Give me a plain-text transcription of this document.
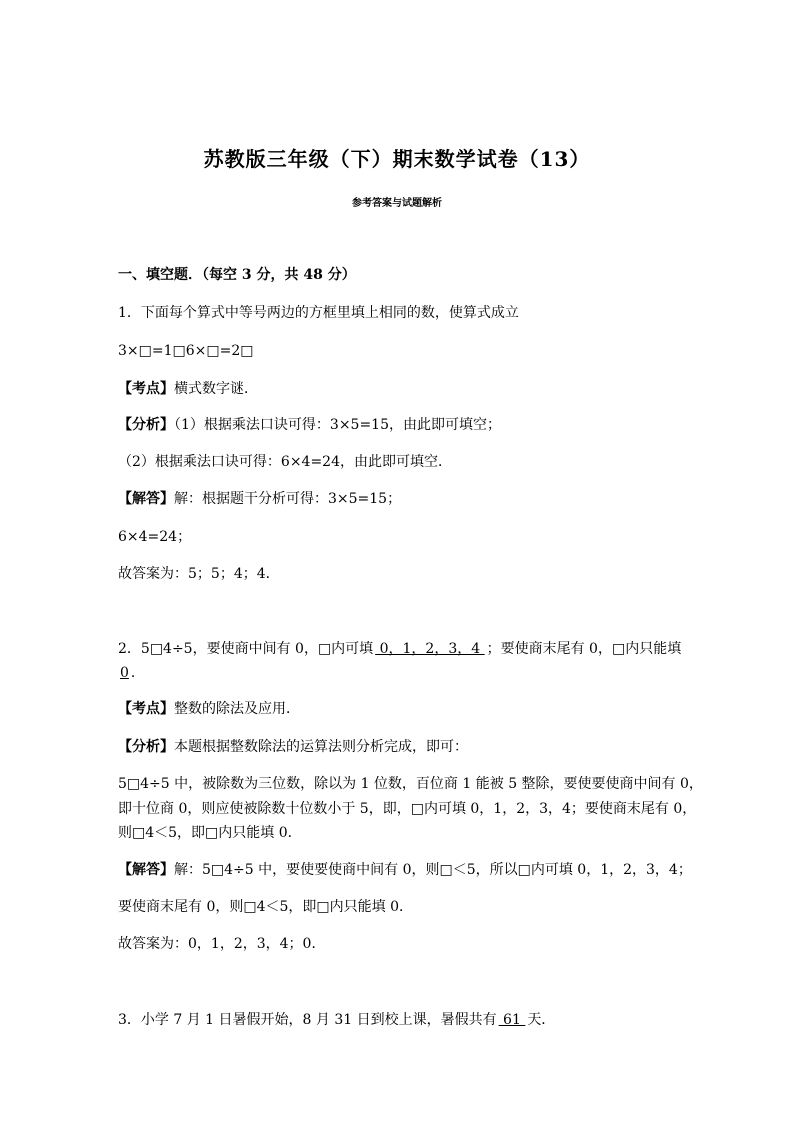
苏教版三年级（下）期末数学试卷（13）
参考答案与试题解析
一、填空题．（每空 3 分，共 48 分）
1．下面每个算式中等号两边的方框里填上相同的数，使算式成立
3×□=1□6×□=2□
【考点】横式数字谜．
【分析】（1）根据乘法口诀可得：3×5=15，由此即可填空；
（2）根据乘法口诀可得：6×4=24，由此即可填空．
【解答】解：根据题干分析可得：3×5=15；
6×4=24；
故答案为：5；5；4；4．
2．5□4÷5，要使商中间有 0，□内可填 0，1，2，3，4 ；要使商末尾有 0，□内只能填
0 ．
【考点】整数的除法及应用．
【分析】本题根据整数除法的运算法则分析完成，即可：
5□4÷5 中，被除数为三位数，除以为 1 位数，百位商 1 能被 5 整除，要使要使商中间有 0，
即十位商 0，则应使被除数十位数小于 5，即，□内可填 0，1，2，3，4；要使商末尾有 0，
则□4＜5，即□内只能填 0．
【解答】解：5□4÷5 中，要使要使商中间有 0，则□＜5，所以□内可填 0，1，2，3，4；
要使商末尾有 0，则□4＜5，即□内只能填 0．
故答案为：0，1，2，3，4；0．
3．小学 7 月 1 日暑假开始，8 月 31 日到校上课，暑假共有 61 天．
